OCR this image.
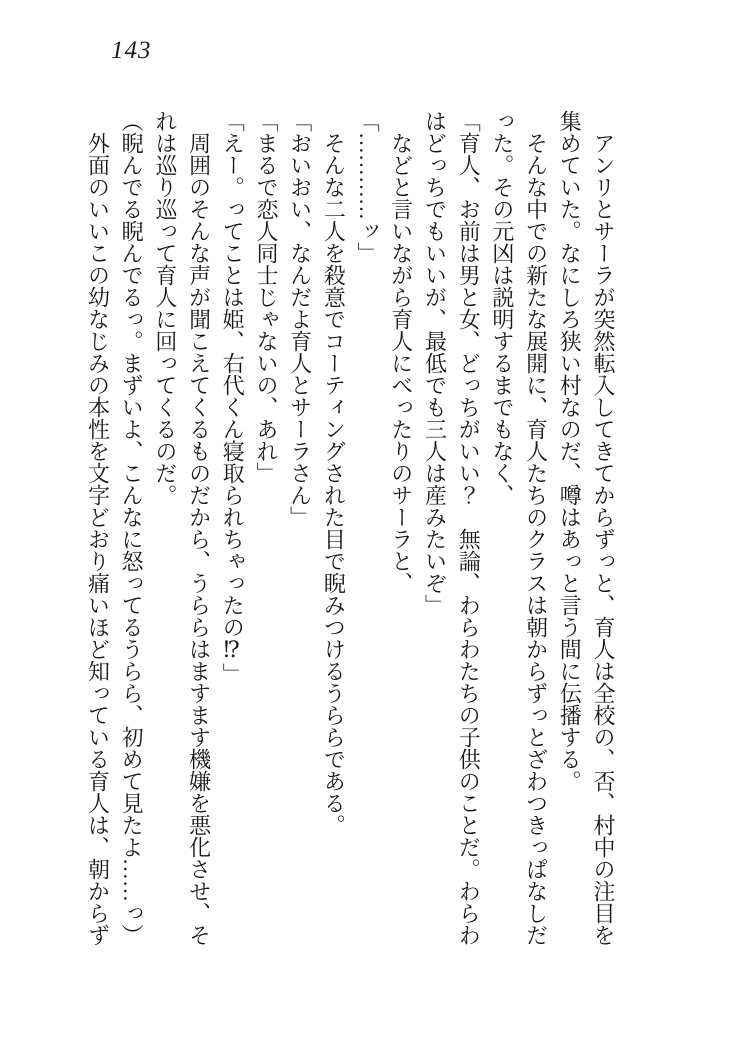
143
　アンリとサーラが突然転入してきてからずっと、育人は全校の、否、村中の注目を
集めていた。なにしろ狭い村なのだ、噂はあっと言う間に伝播する。
　そんな中での新たな展開に、育人たちのクラスは朝からずっとざわつきっぱなしだ
った。その元凶は説明するまでもなく、
「育人、お前は男と女、どっちがいい？　無論、わらわたちの子供のことだ。わらわ
はどっちでもいいが、最低でも三人は産みたいぞ」
　などと言いながら育人にべったりのサーラと、
「…………ッ」
　そんな二人を殺意でコーティングされた目で睨みつけるうららである。
「おいおい、なんだよ育人とサーラさん」
「まるで恋人同士じゃないの、あれ」
「えー。ってことは姫、右代くん寝取られちゃったの⁉」
　周囲のそんな声が聞こえてくるものだから、うららはますます機嫌を悪化させ、そ
れは巡り巡って育人に回ってくるのだ。
（睨んでる睨んでるっ。まずいよ、こんなに怒ってるうらら、初めて見たよ……っ）
　外面のいいこの幼なじみの本性を文字どおり痛いほど知っている育人は、朝からず
